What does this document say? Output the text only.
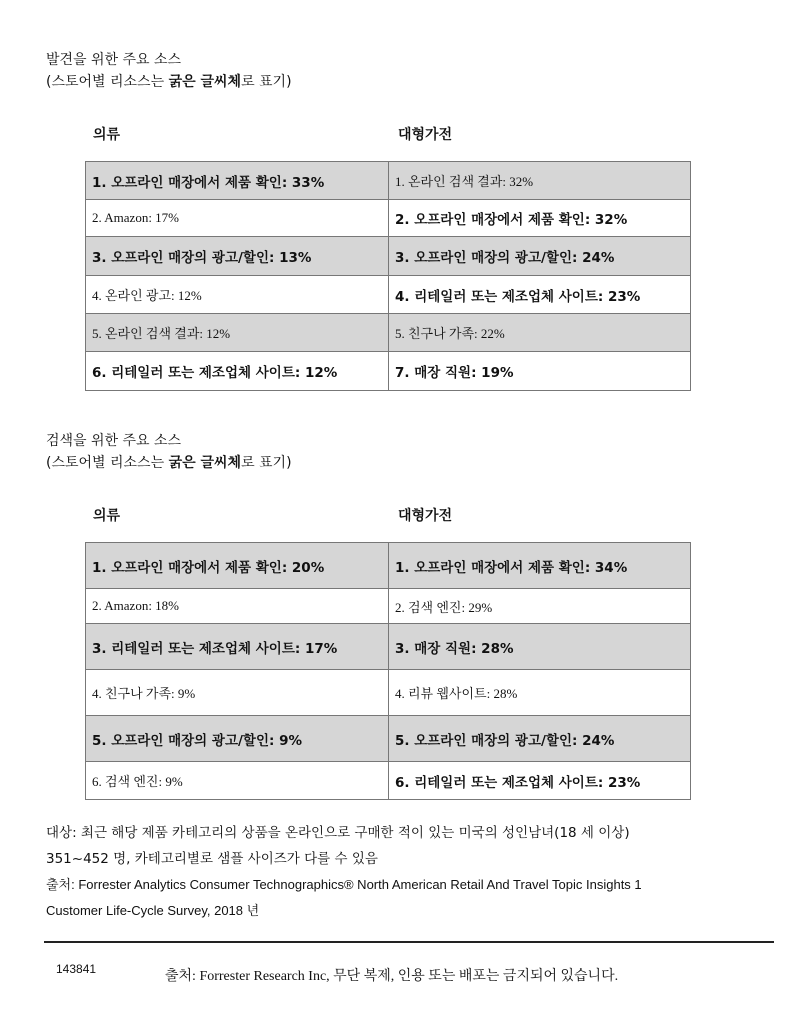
발견을 위한 주요 소스
(스토어별 리소스는 굵은 글씨체로 표기)
의류	대형가전
1. 오프라인 매장에서 제품 확인: 33%	1. 온라인 검색 결과: 32%
2. Amazon: 17%	2. 오프라인 매장에서 제품 확인: 32%
3. 오프라인 매장의 광고/할인: 13%	3. 오프라인 매장의 광고/할인: 24%
4. 온라인 광고: 12%	4. 리테일러 또는 제조업체 사이트: 23%
5. 온라인 검색 결과: 12%	5. 친구나 가족: 22%
6. 리테일러 또는 제조업체 사이트: 12%	7. 매장 직원: 19%
검색을 위한 주요 소스
(스토어별 리소스는 굵은 글씨체로 표기)
의류	대형가전
1. 오프라인 매장에서 제품 확인: 20%	1. 오프라인 매장에서 제품 확인: 34%
2. Amazon: 18%	2. 검색 엔진: 29%
3. 리테일러 또는 제조업체 사이트: 17%	3. 매장 직원: 28%
4. 친구나 가족: 9%	4. 리뷰 웹사이트: 28%
5. 오프라인 매장의 광고/할인: 9%	5. 오프라인 매장의 광고/할인: 24%
6. 검색 엔진: 9%	6. 리테일러 또는 제조업체 사이트: 23%
대상: 최근 해당 제품 카테고리의 상품을 온라인으로 구매한 적이 있는 미국의 성인남녀(18 세 이상)
351~452 명, 카테고리별로 샘플 사이즈가 다를 수 있음
출처: Forrester Analytics Consumer Technographics® North American Retail And Travel Topic Insights 1
Customer Life-Cycle Survey, 2018 년
143841	출처: Forrester Research Inc, 무단 복제, 인용 또는 배포는 금지되어 있습니다.
